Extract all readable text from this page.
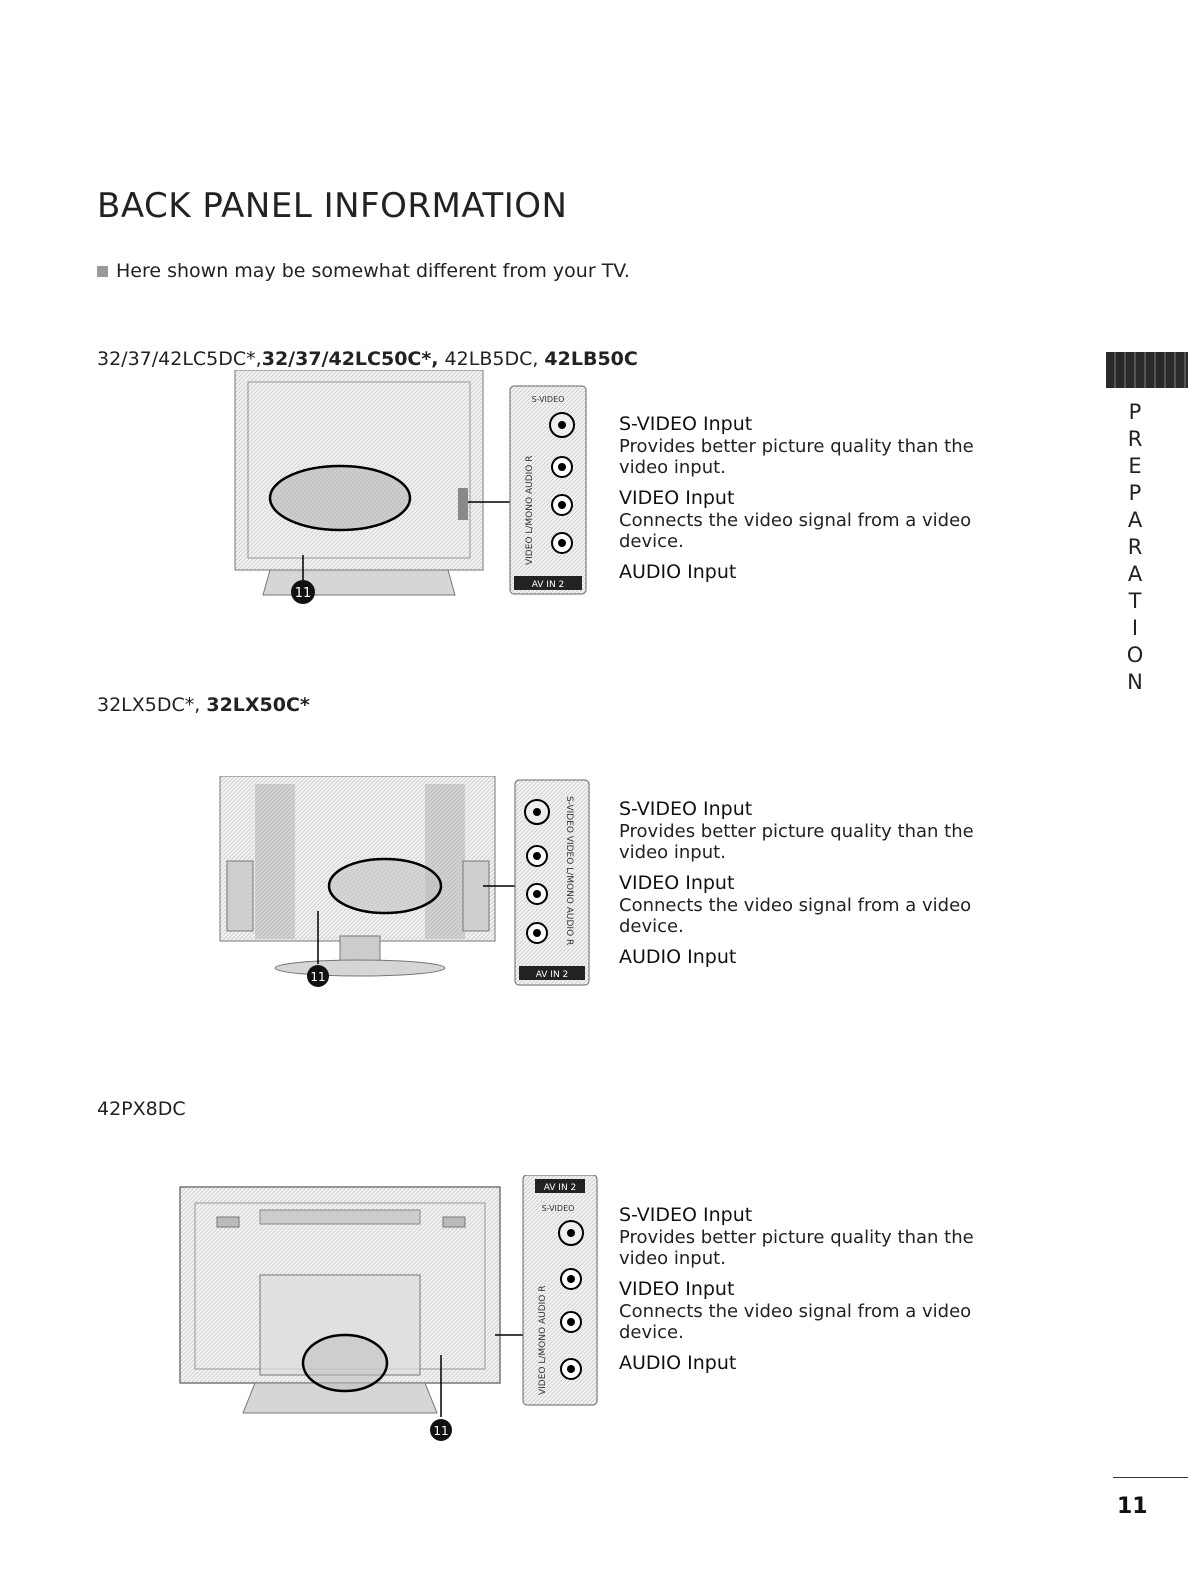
BACK PANEL INFORMATION
Here shown may be somewhat different from your TV.
PREPARATION
32/37/42LC5DC*,32/37/42LC50C*, 42LB5DC, 42LB50C
11
S-VIDEO
VIDEO L/MONO AUDIO R
AV IN 2
S-VIDEO Input

Provides better picture quality than the video input.

VIDEO Input

Connects the video signal from a video device.

AUDIO Input
32LX5DC*, 32LX50C*
11
S-VIDEO VIDEO L/MONO AUDIO R
AV IN 2
S-VIDEO Input

Provides better picture quality than the video input.

VIDEO Input

Connects the video signal from a video device.

AUDIO Input
42PX8DC
11
AV IN 2
S-VIDEO
VIDEO L/MONO AUDIO R
S-VIDEO Input

Provides better picture quality than the video input.

VIDEO Input

Connects the video signal from a video device.

AUDIO Input
11
